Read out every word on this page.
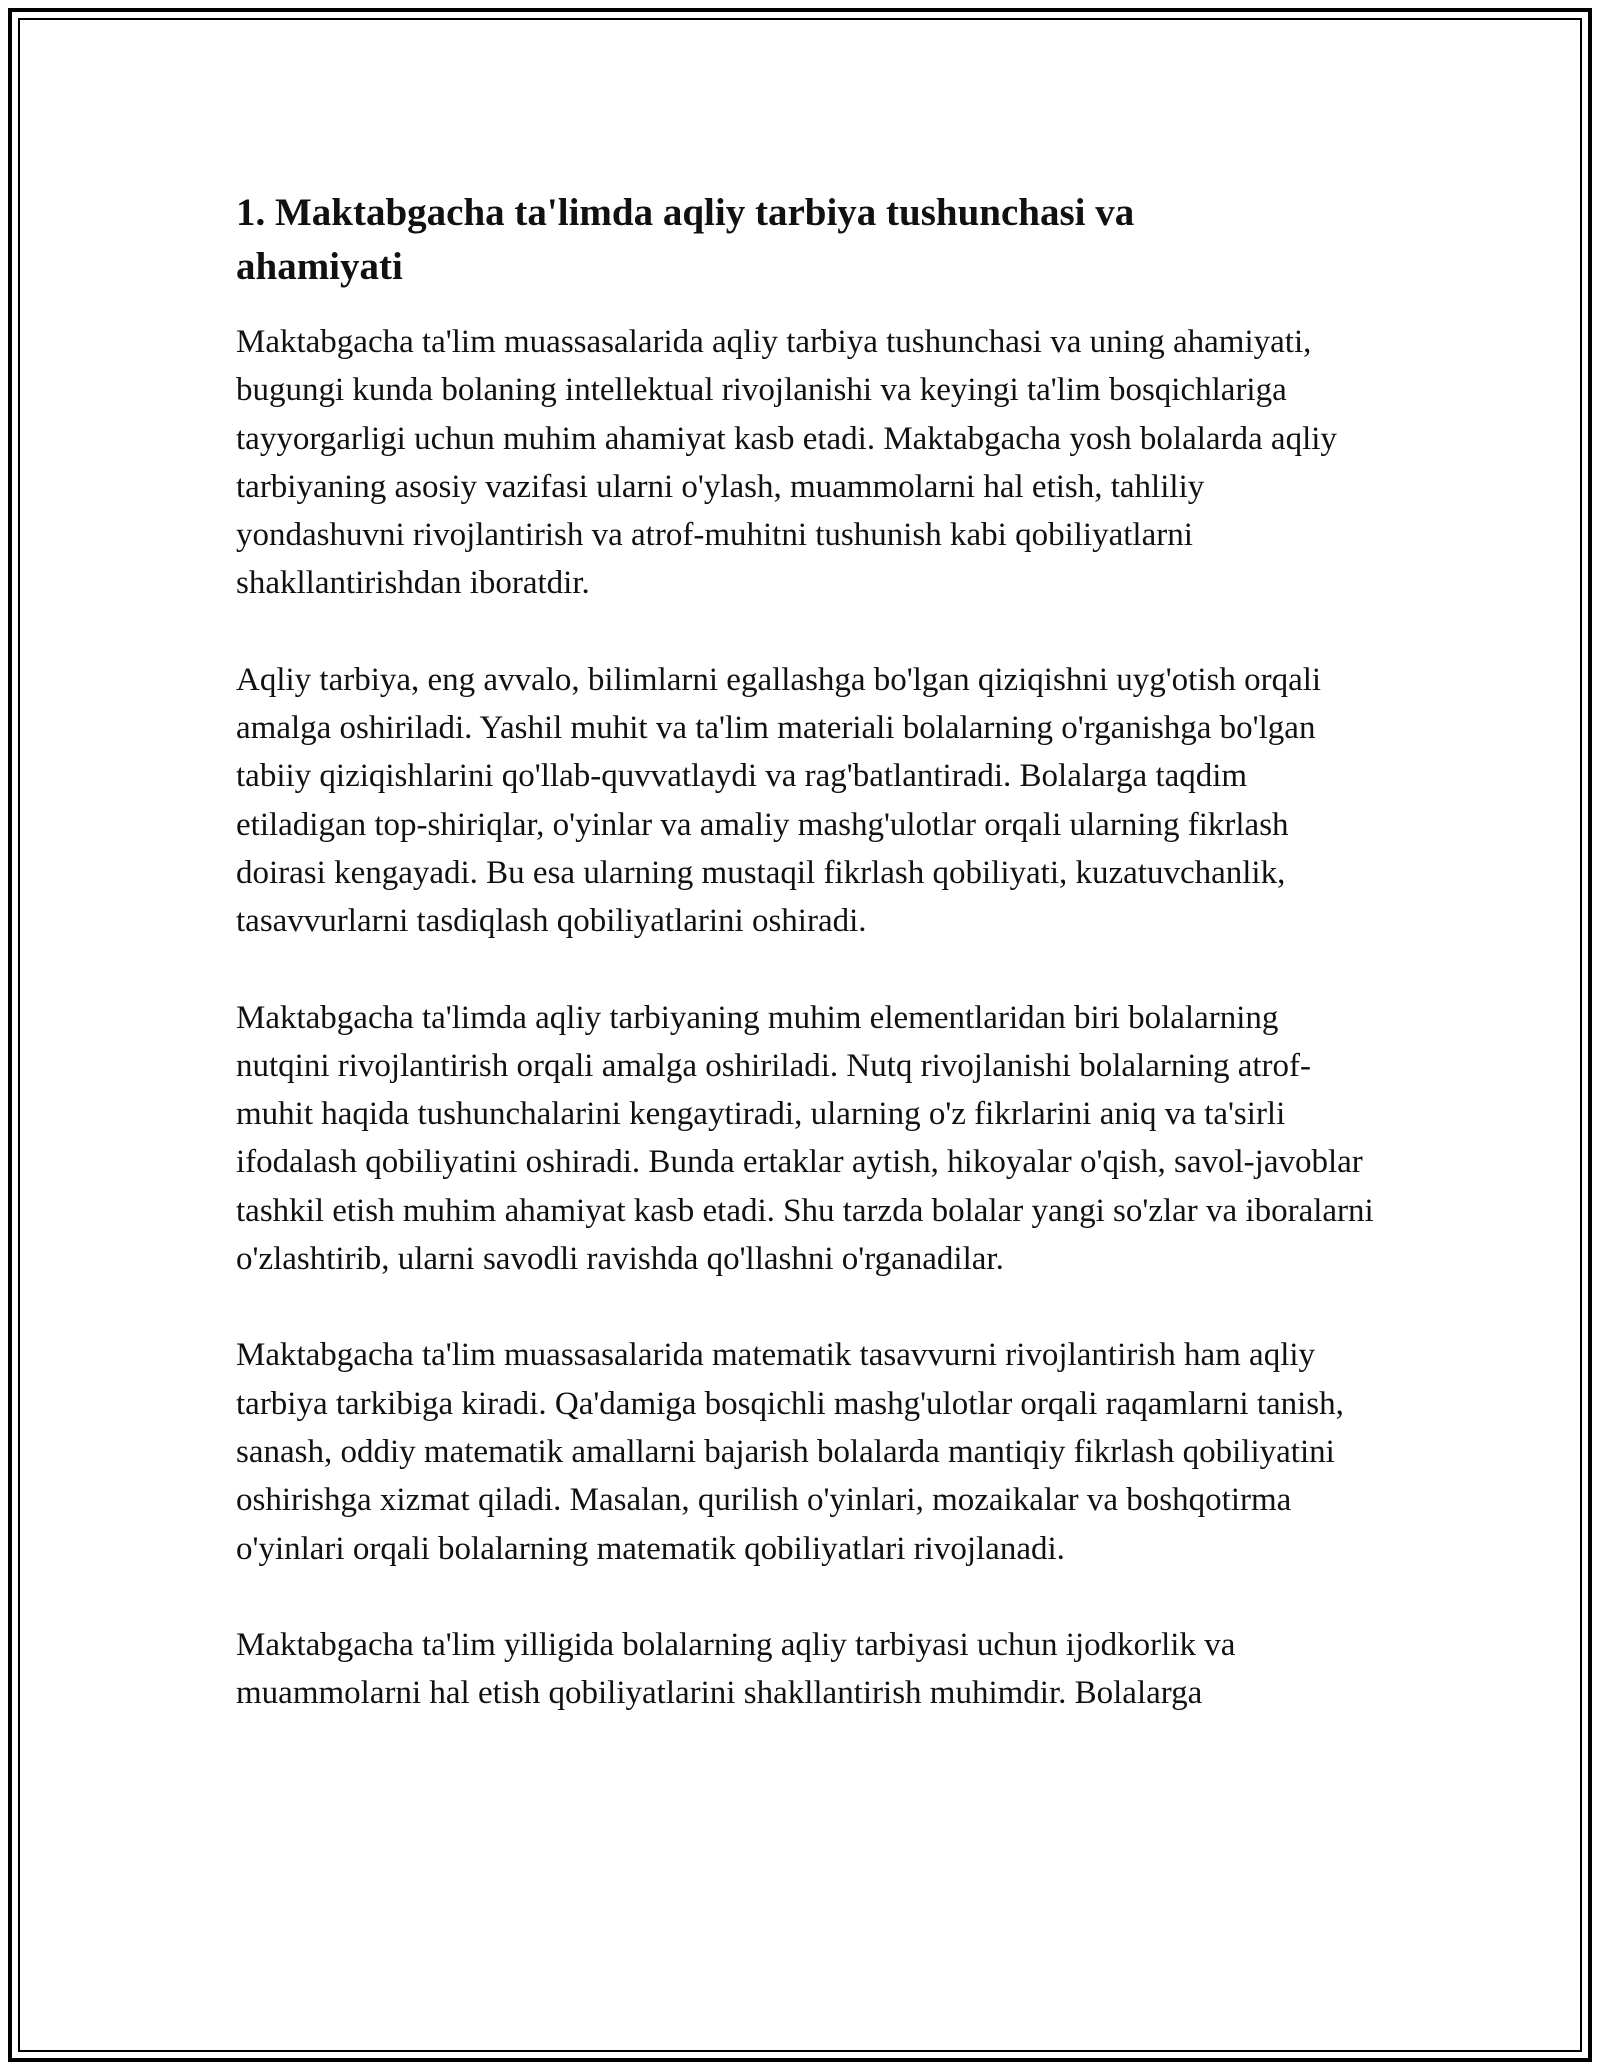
1. Maktabgacha ta'limda aqliy tarbiya tushunchasi va ahamiyati

Maktabgacha ta'lim muassasalarida aqliy tarbiya tushunchasi va uning ahamiyati, bugungi kunda bolaning intellektual rivojlanishi va keyingi ta'lim bosqichlariga tayyorgarligi uchun muhim ahamiyat kasb etadi. Maktabgacha yosh bolalarda aqliy tarbiyaning asosiy vazifasi ularni o'ylash, muammolarni hal etish, tahliliy yondashuvni rivojlantirish va atrof-muhitni tushunish kabi qobiliyatlarni shakllantirishdan iboratdir.

Aqliy tarbiya, eng avvalo, bilimlarni egallashga bo'lgan qiziqishni uyg'otish orqali amalga oshiriladi. Yashil muhit va ta'lim materiali bolalarning o'rganishga bo'lgan tabiiy qiziqishlarini qo'llab-quvvatlaydi va rag'batlantiradi. Bolalarga taqdim etiladigan top-shiriqlar, o'yinlar va amaliy mashg'ulotlar orqali ularning fikrlash doirasi kengayadi. Bu esa ularning mustaqil fikrlash qobiliyati, kuzatuvchanlik, tasavvurlarni tasdiqlash qobiliyatlarini oshiradi.

Maktabgacha ta'limda aqliy tarbiyaning muhim elementlaridan biri bolalarning nutqini rivojlantirish orqali amalga oshiriladi. Nutq rivojlanishi bolalarning atrof-muhit haqida tushunchalarini kengaytiradi, ularning o'z fikrlarini aniq va ta'sirli ifodalash qobiliyatini oshiradi. Bunda ertaklar aytish, hikoyalar o'qish, savol-javoblar tashkil etish muhim ahamiyat kasb etadi. Shu tarzda bolalar yangi so'zlar va iboralarni o'zlashtirib, ularni savodli ravishda qo'llashni o'rganadilar.

Maktabgacha ta'lim muassasalarida matematik tasavvurni rivojlantirish ham aqliy tarbiya tarkibiga kiradi. Qa'damiga bosqichli mashg'ulotlar orqali raqamlarni tanish, sanash, oddiy matematik amallarni bajarish bolalarda mantiqiy fikrlash qobiliyatini oshirishga xizmat qiladi. Masalan, qurilish o'yinlari, mozaikalar va boshqotirma o'yinlari orqali bolalarning matematik qobiliyatlari rivojlanadi.

Maktabgacha ta'lim yilligida bolalarning aqliy tarbiyasi uchun ijodkorlik va muammolarni hal etish qobiliyatlarini shakllantirish muhimdir. Bolalarga
